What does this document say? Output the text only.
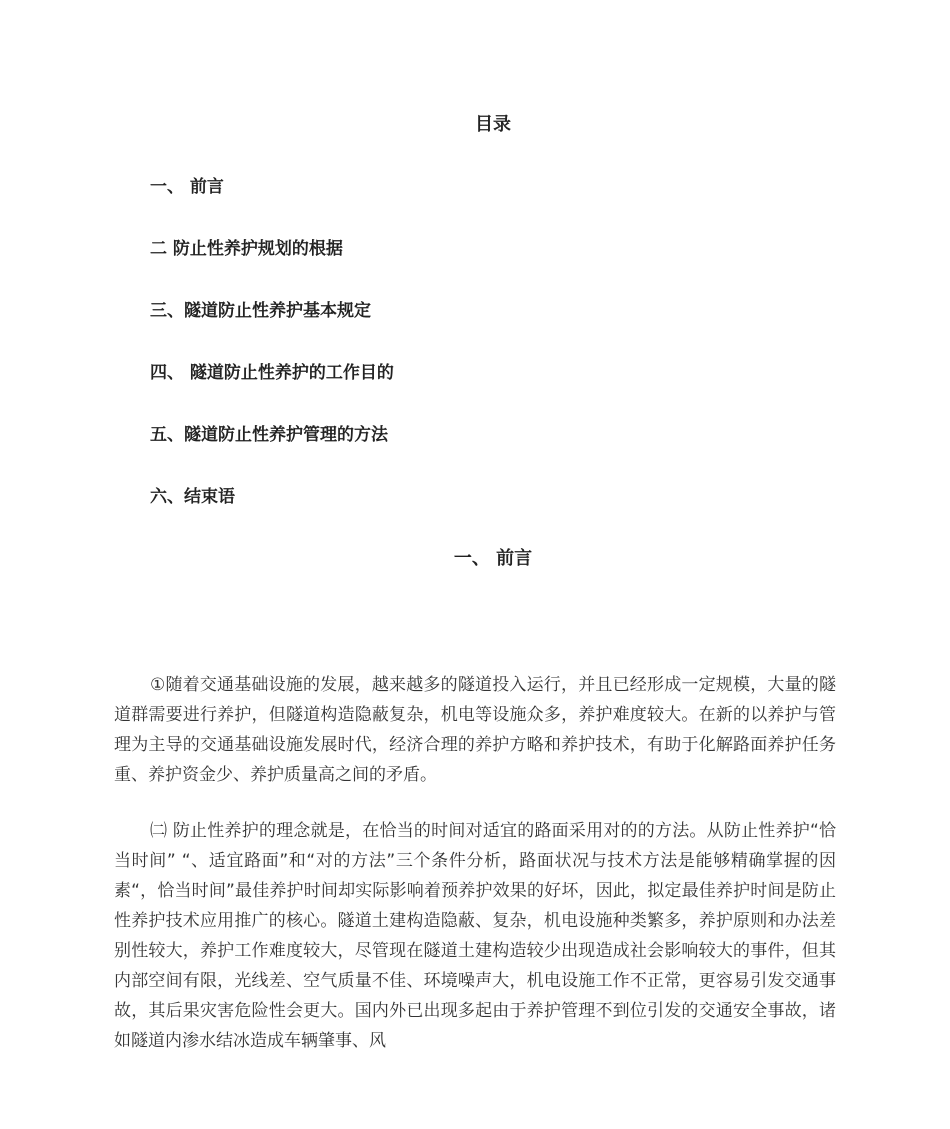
目录
一、 前言
二 防止性养护规划的根据
三、隧道防止性养护基本规定
四、 隧道防止性养护的工作目的
五、隧道防止性养护管理的方法
六、结束语
一、 前言
①随着交通基础设施的发展，越来越多的隧道投入运行，并且已经形成一定规模，大量的隧道群需要进行养护，但隧道构造隐蔽复杂，机电等设施众多，养护难度较大。在新的以养护与管理为主导的交通基础设施发展时代，经济合理的养护方略和养护技术，有助于化解路面养护任务重、养护资金少、养护质量高之间的矛盾。
㈡ 防止性养护的理念就是，在恰当的时间对适宜的路面采用对的的方法。从防止性养护“恰当时间” “、适宜路面”和“对的方法”三个条件分析，路面状况与技术方法是能够精确掌握的因素“，恰当时间”最佳养护时间却实际影响着预养护效果的好坏，因此，拟定最佳养护时间是防止性养护技术应用推广的核心。隧道土建构造隐蔽、复杂，机电设施种类繁多，养护原则和办法差别性较大，养护工作难度较大，尽管现在隧道土建构造较少出现造成社会影响较大的事件，但其内部空间有限，光线差、空气质量不佳、环境噪声大，机电设施工作不正常，更容易引发交通事故，其后果灾害危险性会更大。国内外已出现多起由于养护管理不到位引发的交通安全事故，诸如隧道内渗水结冰造成车辆肇事、风
